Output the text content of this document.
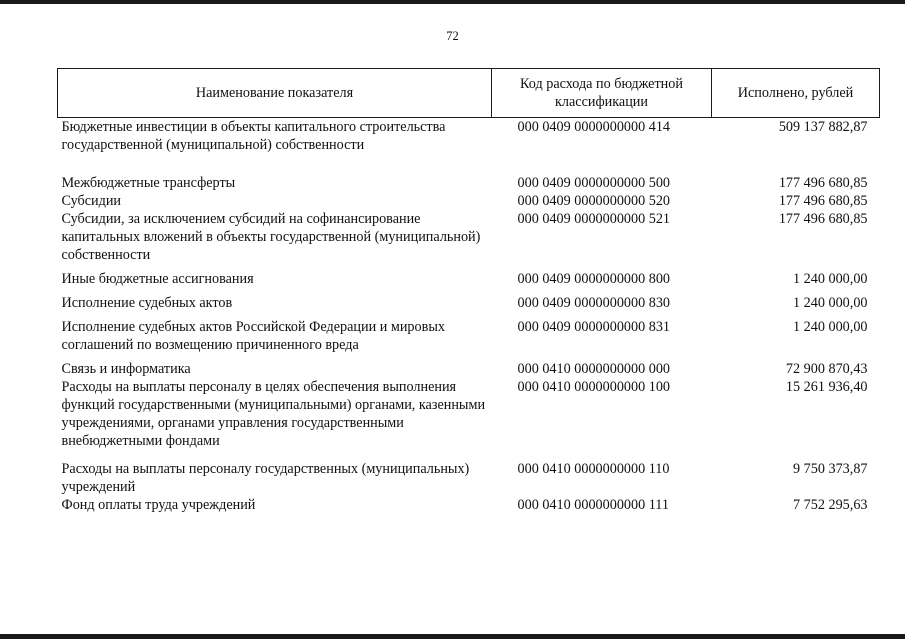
72
Наименование показателя	Код расхода по бюджетной классификации	Исполнено, рублей
Бюджетные инвестиции в объекты капитального строительства государственной (муниципальной) собственности	000 0409 0000000000 414	509 137 882,87
Межбюджетные трансферты	000 0409 0000000000 500	177 496 680,85
Субсидии	000 0409 0000000000 520	177 496 680,85
Субсидии, за исключением субсидий на софинансирование капитальных вложений в объекты государственной (муниципальной) собственности	000 0409 0000000000 521	177 496 680,85
Иные бюджетные ассигнования	000 0409 0000000000 800	1 240 000,00
Исполнение судебных актов	000 0409 0000000000 830	1 240 000,00
Исполнение судебных актов Российской Федерации и мировых соглашений по возмещению причиненного вреда	000 0409 0000000000 831	1 240 000,00
Связь и информатика	000 0410 0000000000 000	72 900 870,43
Расходы на выплаты персоналу в целях обеспечения выполнения функций государственными (муниципальными) органами, казенными учреждениями, органами управления государственными внебюджетными фондами	000 0410 0000000000 100	15 261 936,40
Расходы на выплаты персоналу государственных (муниципальных) учреждений	000 0410 0000000000 110	9 750 373,87
Фонд оплаты труда учреждений	000 0410 0000000000 111	7 752 295,63
